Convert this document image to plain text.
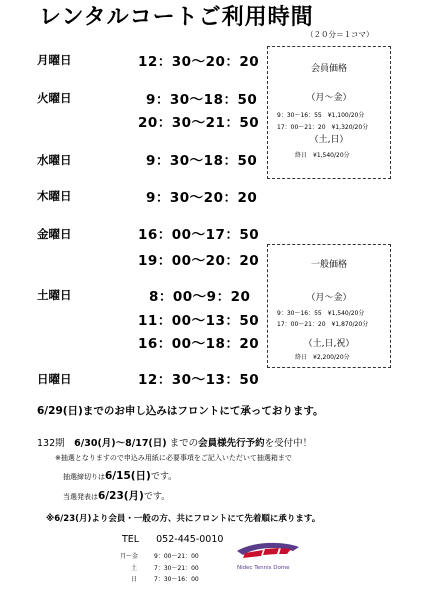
レンタルコートご利用時間
（２０分＝１コマ）
月曜日	12：30～20：20
火曜日	9：30～18：50
20：30～21：50
水曜日	9：30～18：50
木曜日	9：30～20：20
金曜日	16：00～17：50
19：00～20：20
土曜日	8：00～9：20
11：00～13：50
16：00～18：20
日曜日	12：30～13：50
会員価格
（月～金）
9：30～16：55　¥1,100/20分
17：00～21：20　¥1,320/20分
（土,日）
終日　¥1,540/20分
一般価格
（月～金）
9：30～16：55　¥1,540/20分
17：00～21：20　¥1,870/20分
（土,日,祝）
終日　¥2,200/20分
6/29(日)までのお申し込みはフロントにて承っております。
132期　6/30(月)～8/17(日) までの会員様先行予約を受付中！
※抽選となりますので申込み用紙に必要事項をご記入いただいて抽選箱まで
抽選締切りは6/15(日)です。
当選発表は6/23(月)です。
※6/23(月)より会員・一般の方、共にフロントにて先着順に承ります。
TEL 052-445-0010
月～金	9：00～21：00
土	7：30～21：00
日	7：30～16：00
Nidec Tennis Dome
